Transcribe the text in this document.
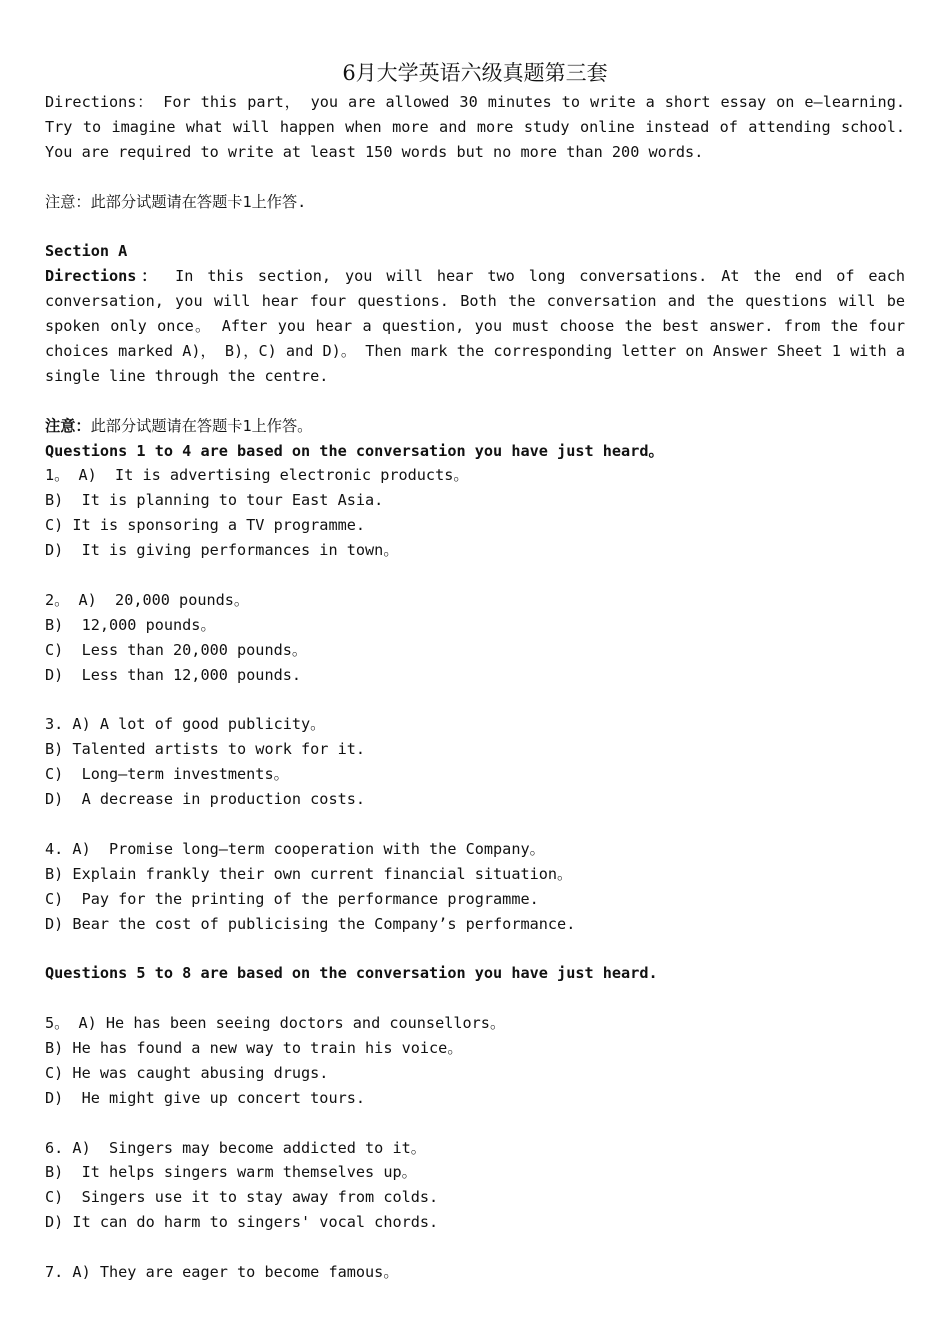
6月大学英语六级真题第三套
Directions： For this part， you are allowed 30 minutes to write a short essay on e—learning. Try to imagine what will happen when more and more study online instead of attending school. You are required to write at least 150 words but no more than 200 words.
注意：此部分试题请在答题卡1上作答.
Section A
Directions： In this section, you will hear two long conversations. At the end of each conversation, you will hear four questions. Both the conversation and the questions will be spoken only once。 After you hear a question, you must choose the best answer. from the four choices marked A)， B)，C) and D)。 Then mark the corresponding letter on Answer Sheet 1 with a single line through the centre.
注意：此部分试题请在答题卡1上作答。
Questions 1 to 4 are based on the conversation you have just heard。
1。 A)  It is advertising electronic products。
B)  It is planning to tour East Asia.
C) It is sponsoring a TV programme.
D)  It is giving performances in town。
2。 A)  20,000 pounds。
B)  12,000 pounds。
C)  Less than 20,000 pounds。
D)  Less than 12,000 pounds.
3. A) A lot of good publicity。
B) Talented artists to work for it.
C)  Long—term investments。
D)  A decrease in production costs.
4. A)  Promise long—term cooperation with the Company。
B) Explain frankly their own current financial situation。
C)  Pay for the printing of the performance programme.
D) Bear the cost of publicising the Company’s performance.
Questions 5 to 8 are based on the conversation you have just heard.
5。 A) He has been seeing doctors and counsellors。
B) He has found a new way to train his voice。
C) He was caught abusing drugs.
D)  He might give up concert tours.
6. A)  Singers may become addicted to it。
B)  It helps singers warm themselves up。
C)  Singers use it to stay away from colds.
D) It can do harm to singers' vocal chords.
7. A) They are eager to become famous。
